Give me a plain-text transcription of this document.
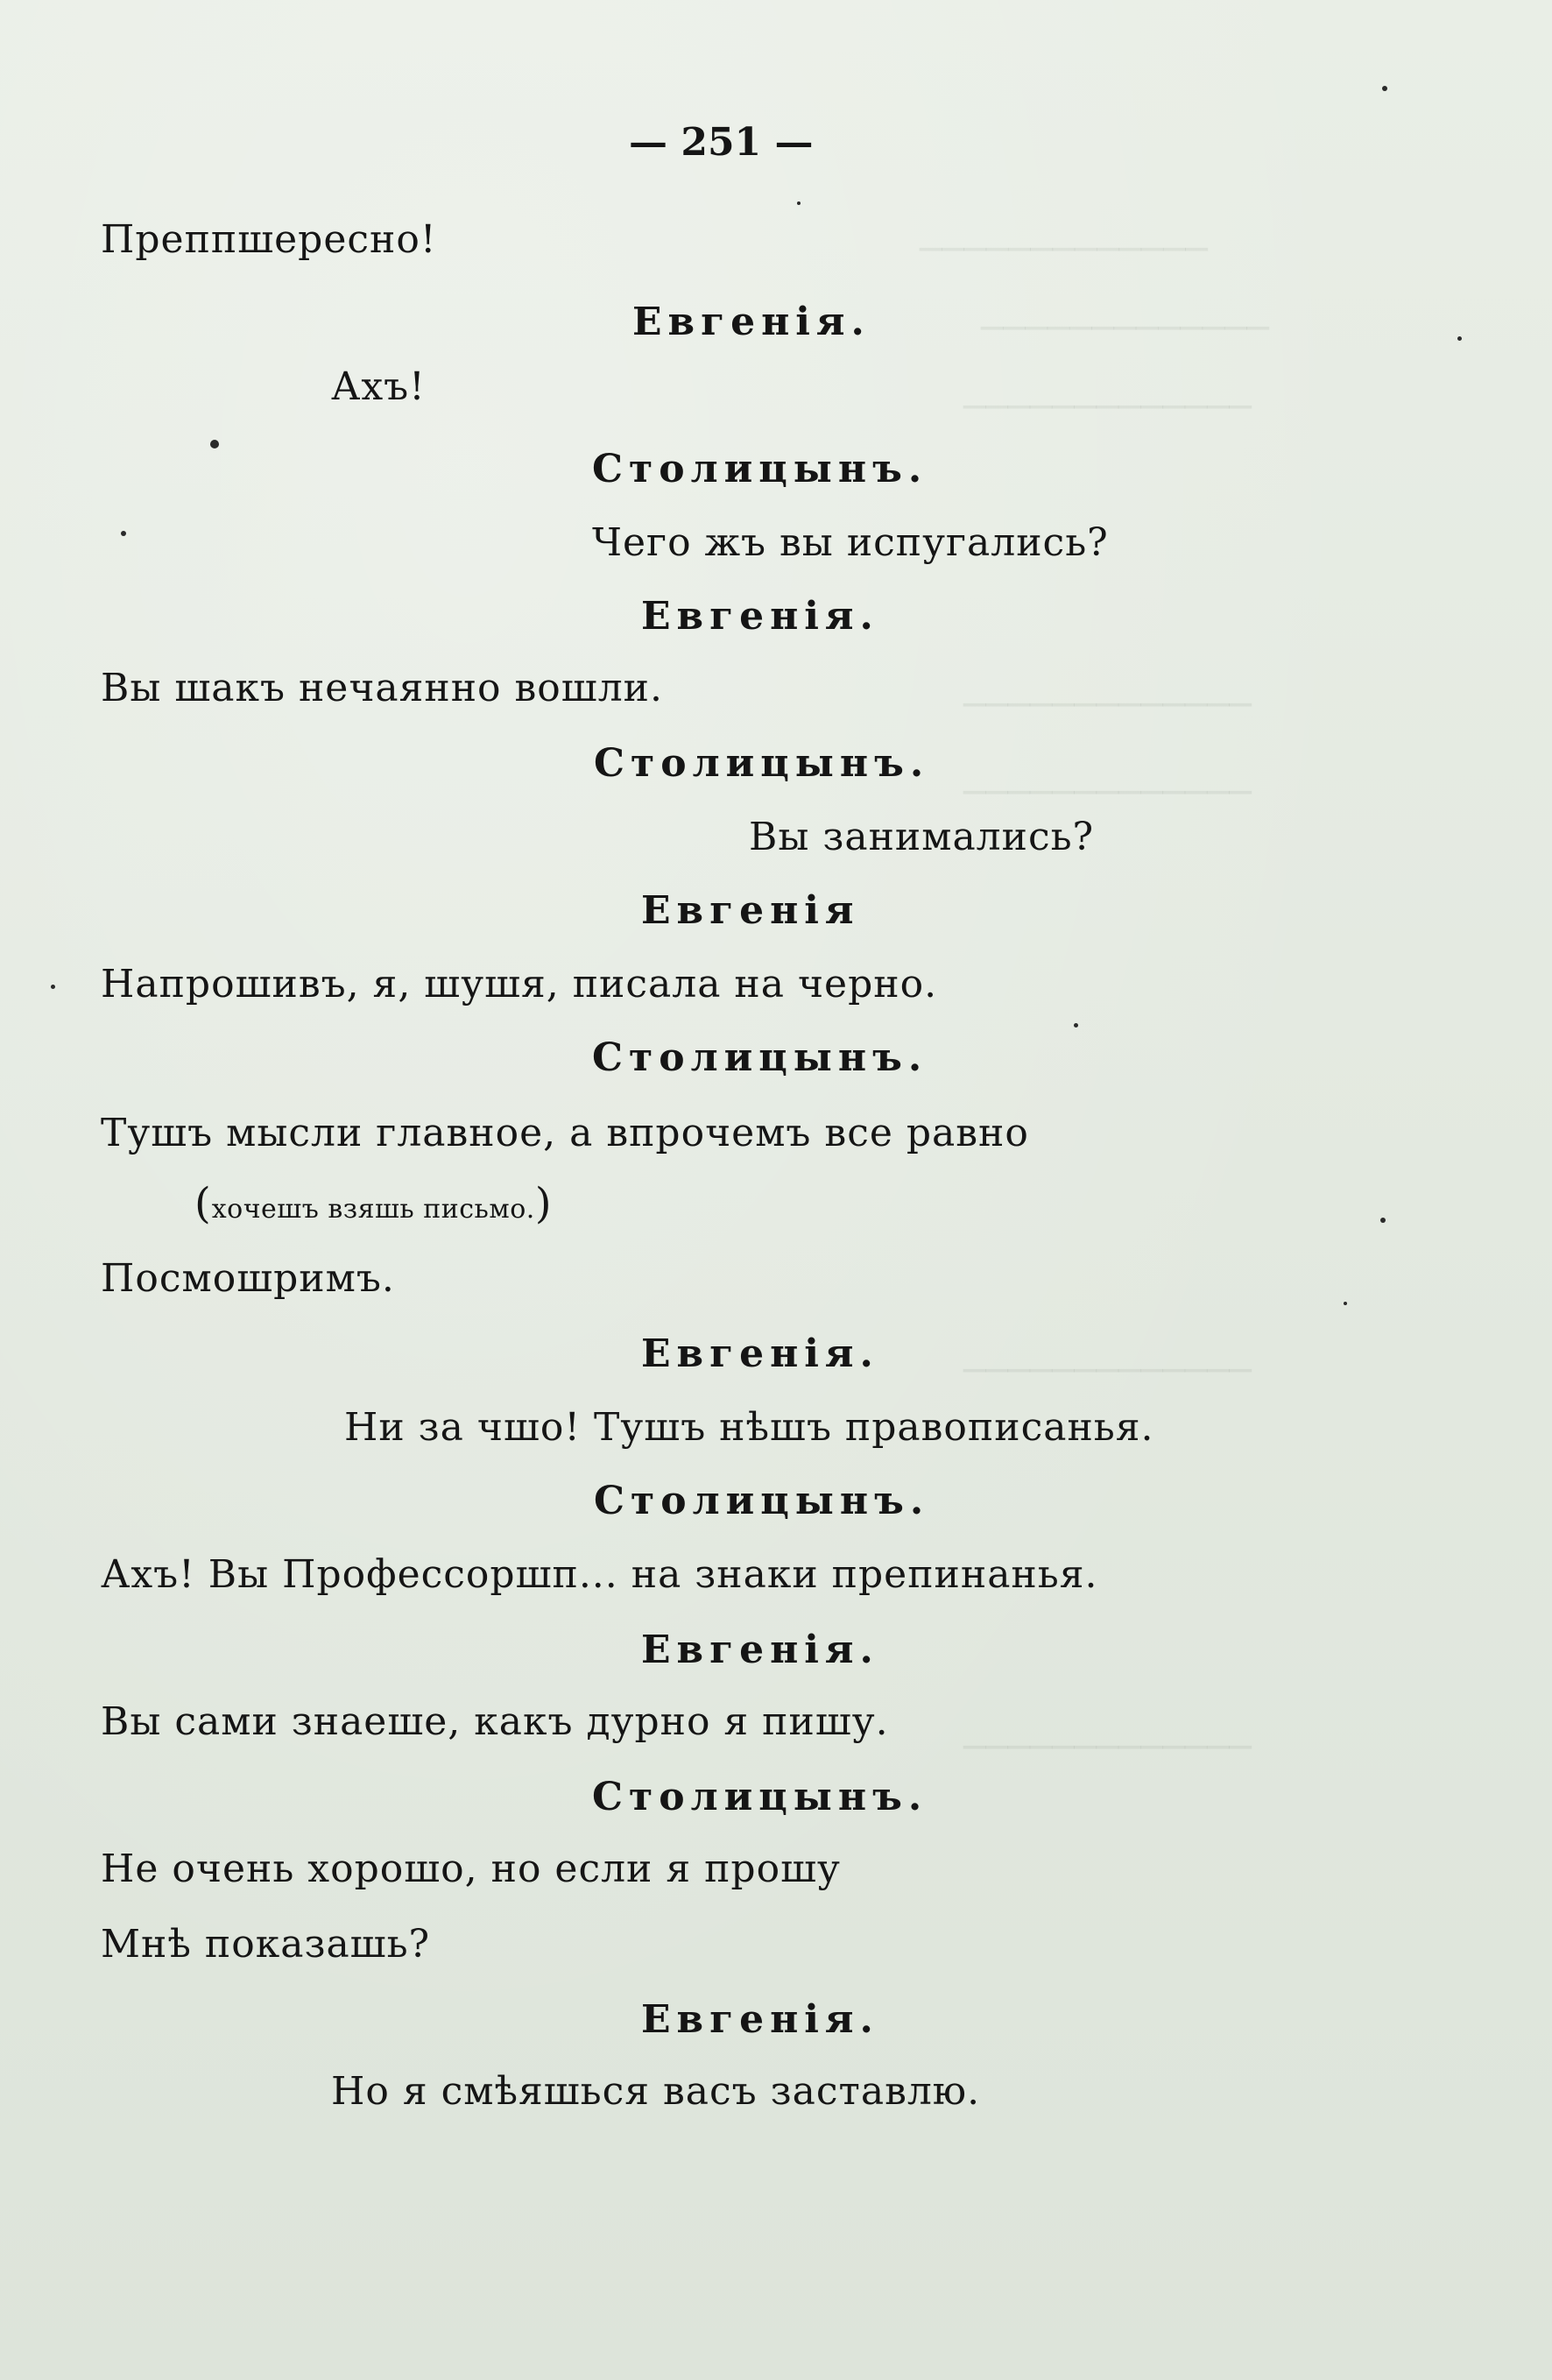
─────────────
─────────────
─────────────
─────────────
─────────────
─────────────
─────────────
— 251 —
Преппшересно!
Евгенія.
Ахъ!
Столицынъ.
Чего жъ вы испугались?
Евгенія.
Вы шакъ нечаянно вошли.
Столицынъ.
Вы занимались?
Евгенія
Напрошивъ, я, шушя, писала на черно.
Столицынъ.
Тушъ мысли главное, а впрочемъ все равно
(хочешъ взяшь письмо.)
Посмошримъ.
Евгенія.
Ни за чшо! Тушъ нѣшъ правописанья.
Столицынъ.
Ахъ! Вы Профессоршп... на знаки препинанья.
Евгенія.
Вы сами знаеше, какъ дурно я пишу.
Столицынъ.
Не очень хорошо, но если я прошу
Мнѣ показашь?
Евгенія.
Но я смѣяшься васъ заставлю.
